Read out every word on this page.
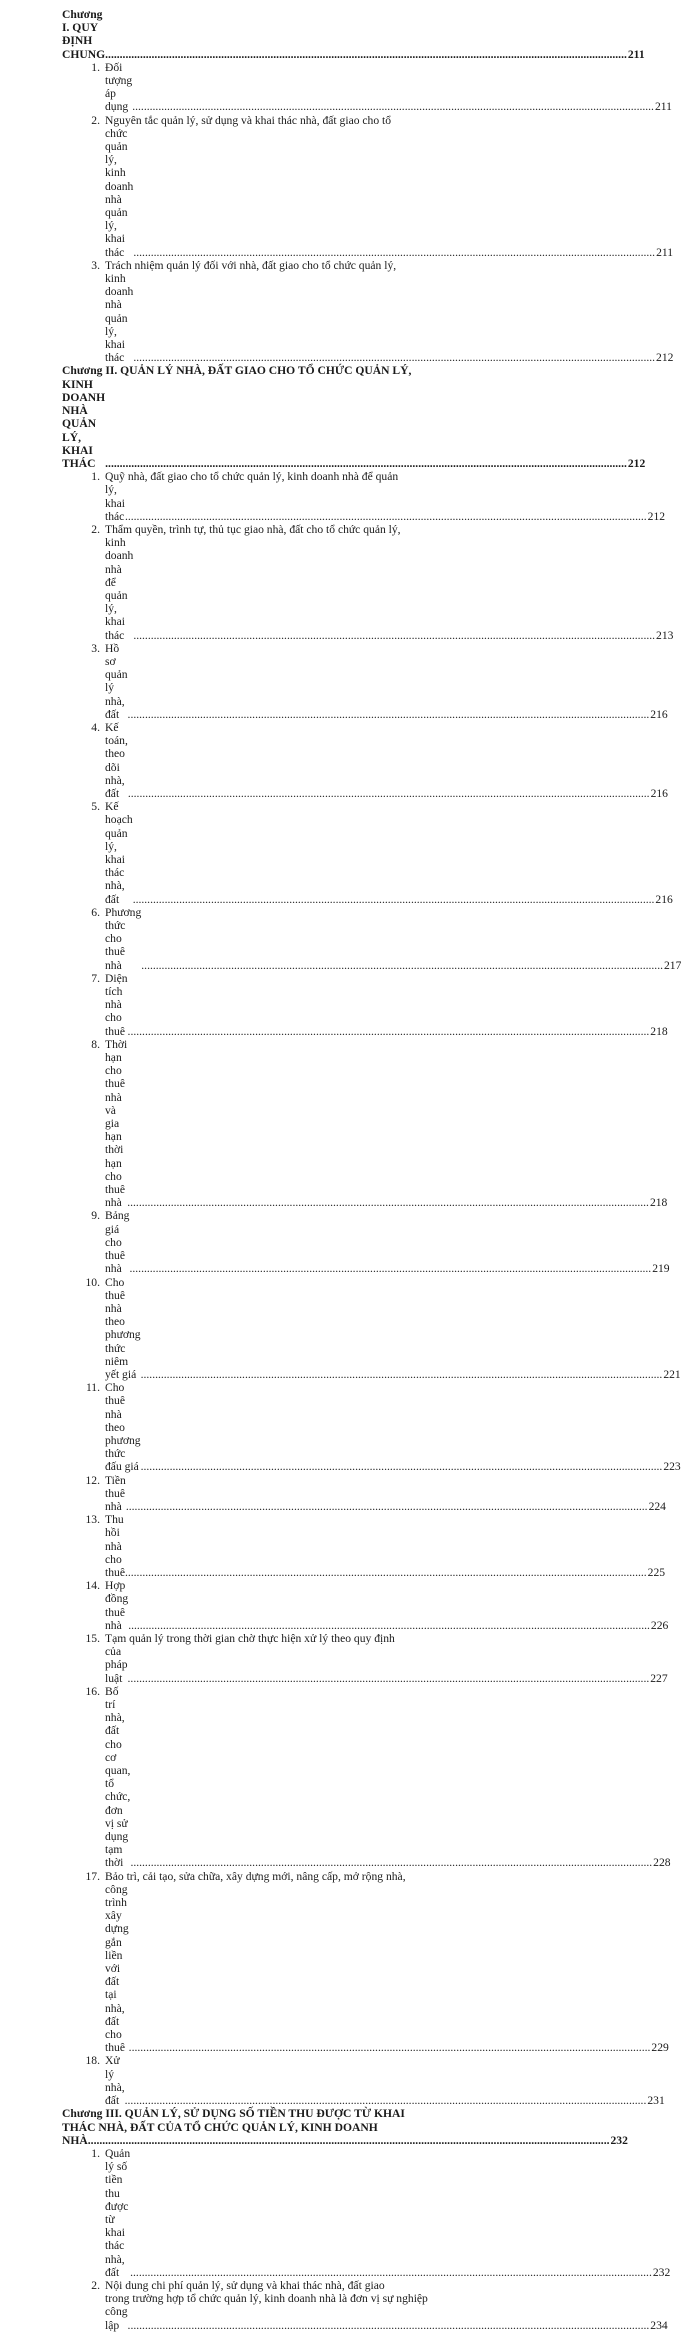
Chương I. QUY ĐỊNH CHUNG .....	211
1. Đối tượng áp dụng .....	211
2. Nguyên tắc quản lý, sử dụng và khai thác nhà, đất giao cho tổ
chức quản lý, kinh doanh nhà quản lý, khai thác .....	211
3. Trách nhiệm quản lý đối với nhà, đất giao cho tổ chức quản lý,
kinh doanh nhà quản lý, khai thác .....	212
Chương II. QUẢN LÝ NHÀ, ĐẤT GIAO CHO TỔ CHỨC QUẢN LÝ,
KINH DOANH NHÀ QUẢN LÝ, KHAI THÁC .....	212
1. Quỹ nhà, đất giao cho tổ chức quản lý, kinh doanh nhà để quản
lý, khai thác .....	212
2. Thẩm quyền, trình tự, thủ tục giao nhà, đất cho tổ chức quản lý,
kinh doanh nhà để quản lý, khai thác .....	213
3. Hồ sơ quản lý nhà, đất .....	216
4. Kế toán, theo dõi nhà, đất .....	216
5. Kế hoạch quản lý, khai thác nhà, đất .....	216
6. Phương thức cho thuê nhà .....	217
7. Diện tích nhà cho thuê .....	218
8. Thời hạn cho thuê nhà và gia hạn thời hạn cho thuê nhà .....	218
9. Bảng giá cho thuê nhà .....	219
10. Cho thuê nhà theo phương thức niêm yết giá .....	221
11. Cho thuê nhà theo phương thức đấu giá .....	223
12. Tiền thuê nhà .....	224
13. Thu hồi nhà cho thuê .....	225
14. Hợp đồng thuê nhà .....	226
15. Tạm quản lý trong thời gian chờ thực hiện xử lý theo quy định
của pháp luật .....	227
16. Bố trí nhà, đất cho cơ quan, tổ chức, đơn vị sử dụng tạm thời .....	228
17. Bảo trì, cải tạo, sửa chữa, xây dựng mới, nâng cấp, mở rộng nhà,
công trình xây dựng gắn liền với đất tại nhà, đất cho thuê .....	229
18. Xử lý nhà, đất .....	231
Chương III. QUẢN LÝ, SỬ DỤNG SỐ TIỀN THU ĐƯỢC TỪ KHAI
THÁC NHÀ, ĐẤT CỦA TỔ CHỨC QUẢN LÝ, KINH DOANH
NHÀ .....	232
1. Quản lý số tiền thu được từ khai thác nhà, đất .....	232
2. Nội dung chi phí quản lý, sử dụng và khai thác nhà, đất giao
trong trường hợp tổ chức quản lý, kinh doanh nhà là đơn vị sự nghiệp
công lập .....	234
